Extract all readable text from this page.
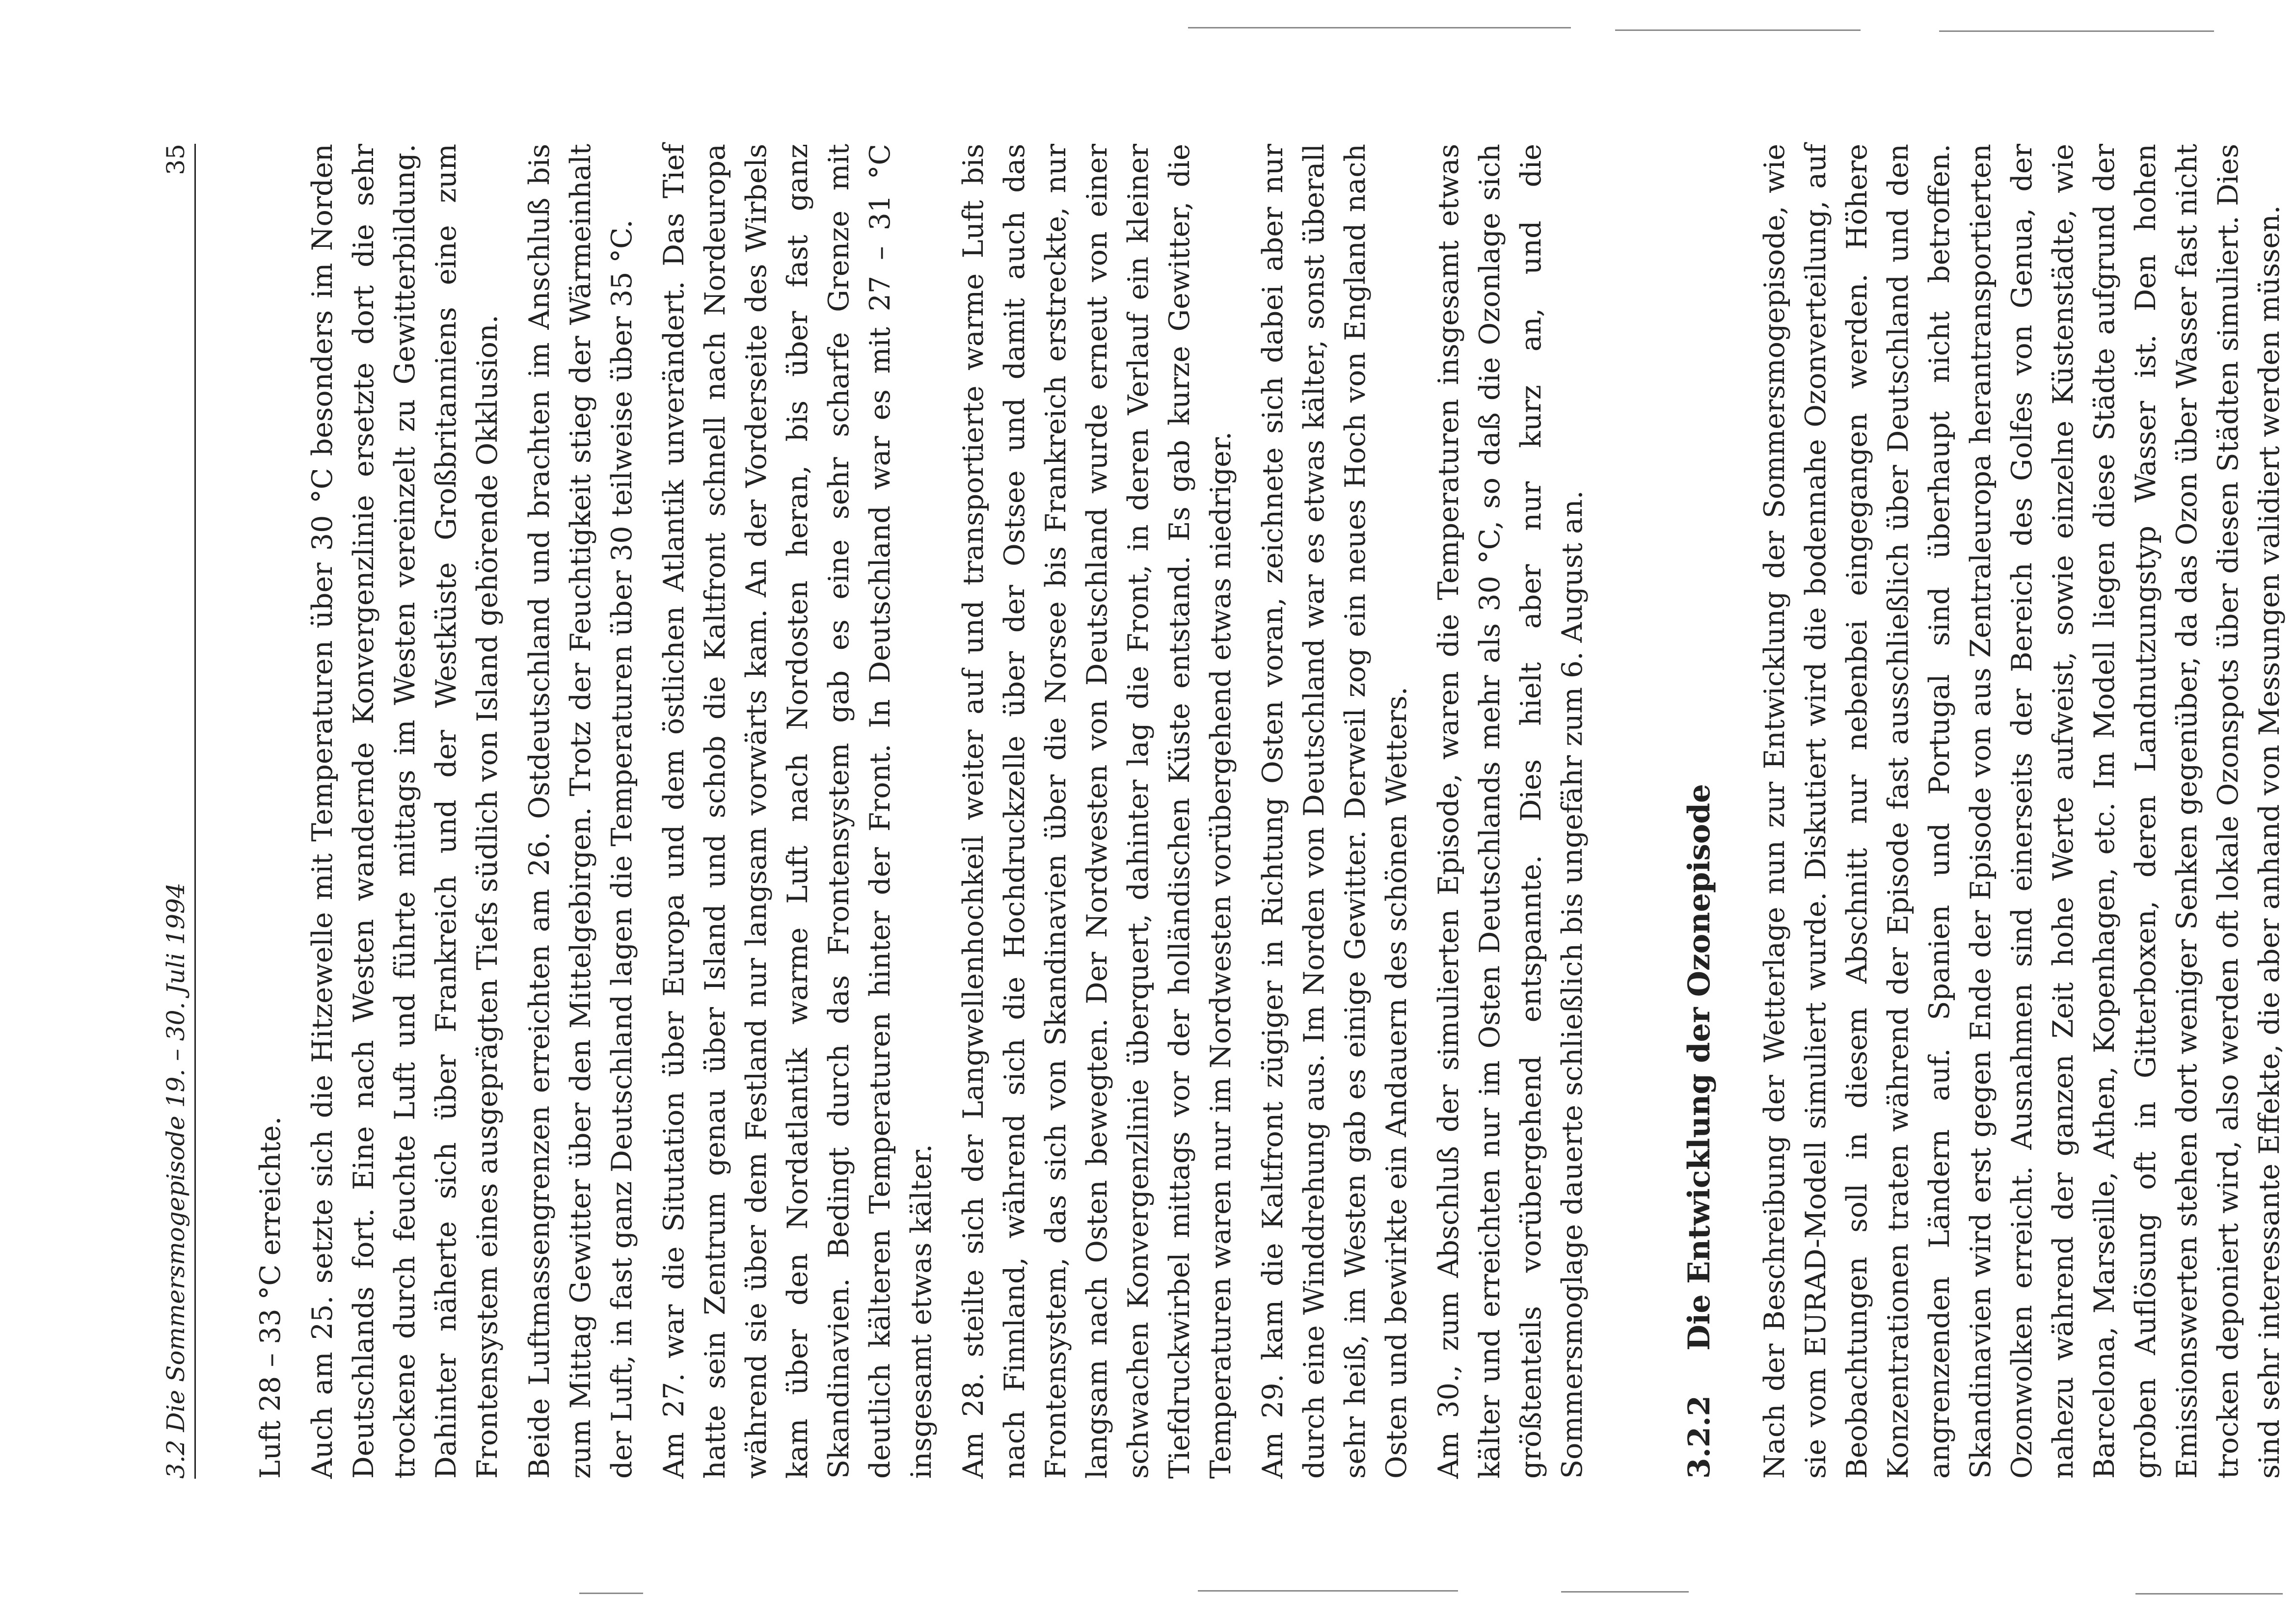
3.2 Die Sommersmogepisode 19. – 30. Juli 1994
35

Luft 28 – 33 °C erreichte. Auch am 25. setzte sich die Hitzewelle mit Temperaturen über 30 °C besonders im Norden Deutschlands fort. Eine nach Westen wandernde Konvergenzlinie ersetzte dort die sehr trockene durch feuchte Luft und führte mittags im Westen vereinzelt zu Gewitterbildung. Dahinter näherte sich über Frankreich und der Westküste Großbritanniens eine zum Frontensystem eines ausgeprägten Tiefs südlich von Island gehörende Okklusion. Beide Luftmassengrenzen erreichten am 26. Ostdeutschland und brachten im Anschluß bis zum Mittag Gewitter über den Mittelgebirgen. Trotz der Feuchtigkeit stieg der Wärmeinhalt der Luft, in fast ganz Deutschland lagen die Temperaturen über 30 teilweise über 35 °C. Am 27. war die Situtation über Europa und dem östlichen Atlantik unverändert. Das Tief hatte sein Zentrum genau über Island und schob die Kaltfront schnell nach Nordeuropa während sie über dem Festland nur langsam vorwärts kam. An der Vorderseite des Wirbels kam über den Nordatlantik warme Luft nach Nordosten heran, bis über fast ganz Skandinavien. Bedingt durch das Frontensystem gab es eine sehr scharfe Grenze mit deutlich kälteren Temperaturen hinter der Front. In Deutschland war es mit 27 – 31 °C insgesamt etwas kälter. Am 28. steilte sich der Langwellenhochkeil weiter auf und transportierte warme Luft bis nach Finnland, während sich die Hochdruckzelle über der Ostsee und damit auch das Frontensystem, das sich von Skandinavien über die Norsee bis Frankreich erstreckte, nur langsam nach Osten bewegten. Der Nordwesten von Deutschland wurde erneut von einer schwachen Konvergenzlinie überquert, dahinter lag die Front, in deren Verlauf ein kleiner Tiefdruckwirbel mittags vor der holländischen Küste entstand. Es gab kurze Gewitter, die Temperaturen waren nur im Nordwesten vorübergehend etwas niedriger. Am 29. kam die Kaltfront zügiger in Richtung Osten voran, zeichnete sich dabei aber nur durch eine Winddrehung aus. Im Norden von Deutschland war es etwas kälter, sonst überall sehr heiß, im Westen gab es einige Gewitter. Derweil zog ein neues Hoch von England nach Osten und bewirkte ein Andauern des schönen Wetters. Am 30., zum Abschluß der simulierten Episode, waren die Temperaturen insgesamt etwas kälter und erreichten nur im Osten Deutschlands mehr als 30 °C, so daß die Ozonlage sich größtenteils vorübergehend entspannte. Dies hielt aber nur kurz an, und die Sommersmoglage dauerte schließlich bis ungefähr zum 6. August an.	3.2.2 Die Entwicklung der Ozonepisode Nach der Beschreibung der Wetterlage nun zur Entwicklung der Sommersmogepisode, wie sie vom EURAD-Modell simuliert wurde. Diskutiert wird die bodennahe Ozonverteilung, auf Beobachtungen soll in diesem Abschnitt nur nebenbei eingegangen werden. Höhere Konzentrationen traten während der Episode fast ausschließlich über Deutschland und den angrenzenden Ländern auf. Spanien und Portugal sind überhaupt nicht betroffen. Skandinavien wird erst gegen Ende der Episode von aus Zentraleuropa herantransportierten Ozonwolken erreicht. Ausnahmen sind einerseits der Bereich des Golfes von Genua, der nahezu während der ganzen Zeit hohe Werte aufweist, sowie einzelne Küstenstädte, wie Barcelona, Marseille, Athen, Kopenhagen, etc. Im Modell liegen diese Städte aufgrund der groben Auflösung oft in Gitterboxen, deren Landnutzungstyp Wasser ist. Den hohen Emissionswerten stehen dort weniger Senken gegenüber, da das Ozon über Wasser fast nicht trocken deponiert wird, also werden oft lokale Ozonspots über diesen Städten simuliert. Dies sind sehr interessante Effekte, die aber anhand von Messungen validiert werden müssen.
